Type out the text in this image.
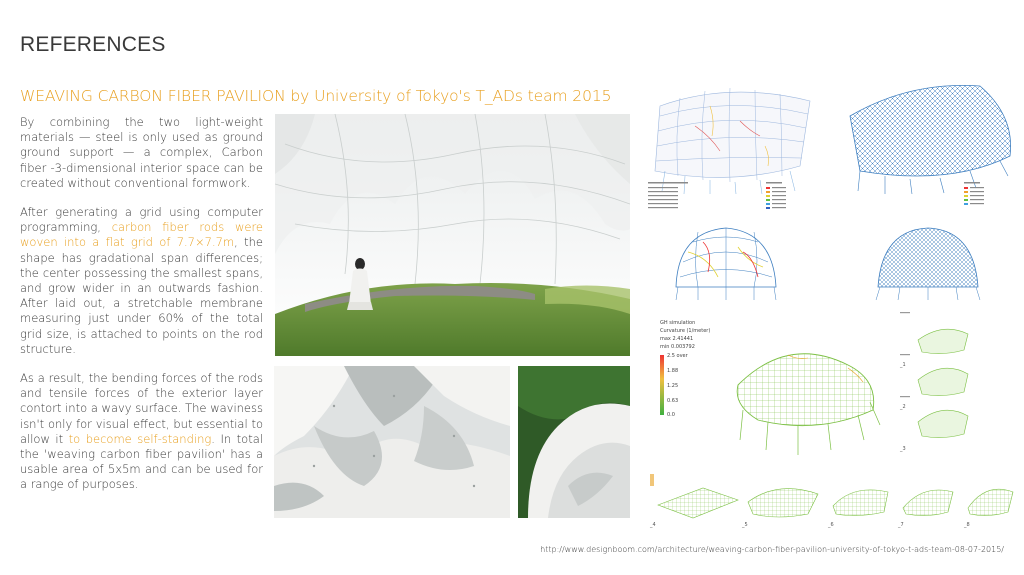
REFERENCES
WEAVING CARBON FIBER PAVILION by University of Tokyo's T_ADs team 2015

By combining the two light-weight materials — steel is only used as ground ground support — a complex, Carbon fiber -3-dimensional interior space can be created without conventional formwork.

After generating a grid using computer programming, carbon fiber rods were woven into a flat grid of 7.7×7.7m, the shape has gradational span differences; the center possessing the smallest spans, and grow wider in an outwards fashion. After laid out, a stretchable membrane measuring just under 60% of the total grid size, is attached to points on the rod structure.

As a result, the bending forces of the rods and tensile forces of the exterior layer contort into a wavy surface. The waviness isn't only for visual effect, but essential to allow it to become self-standing. In total the 'weaving carbon fiber pavilion' has a usable area of 5x5m and can be used for a range of purposes.

GH simulation
Curvature (1/meter)
max 2.41441
min 0.003792
2.5 over
1.88
1.25
0.63
0.0
_1
_2
_3
_4	_5	_6	_7	_8
http://www.designboom.com/architecture/weaving-carbon-fiber-pavilion-university-of-tokyo-t-ads-team-08-07-2015/
